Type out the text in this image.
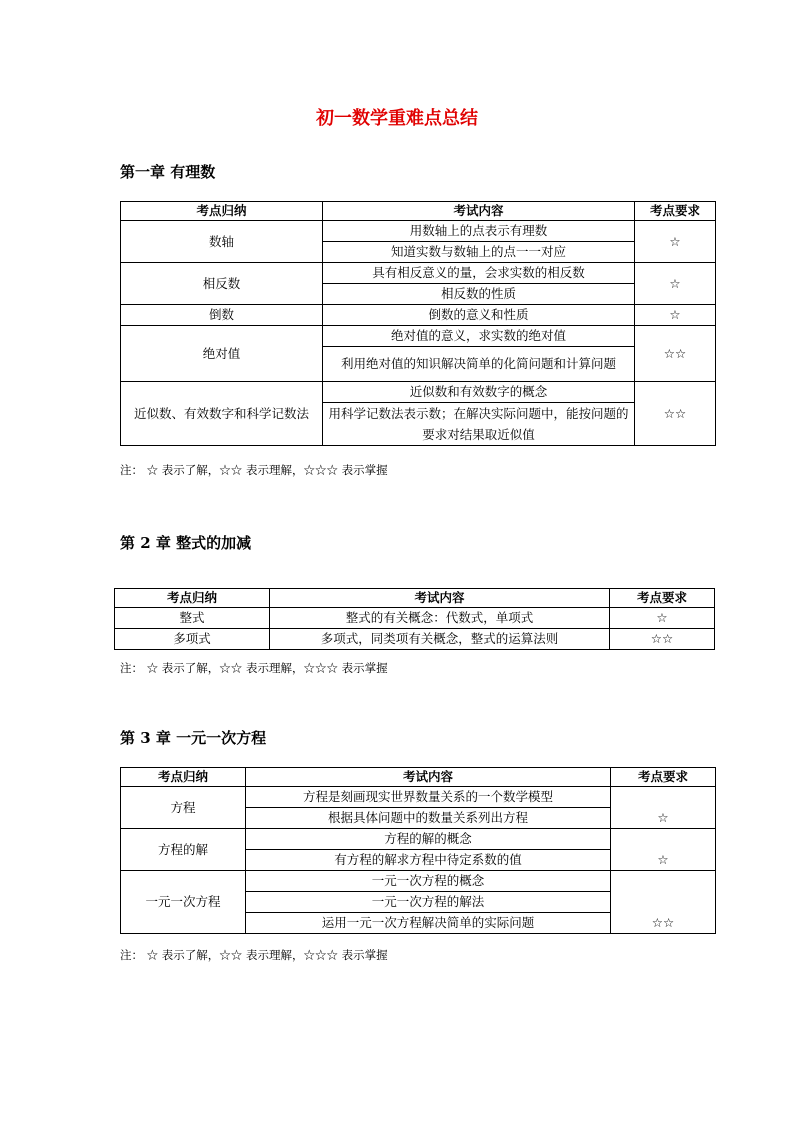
初一数学重难点总结
第一章 有理数
考点归纳	考试内容	考点要求
数轴	用数轴上的点表示有理数	☆
	知道实数与数轴上的点一一对应	
相反数	具有相反意义的量，会求实数的相反数	☆
	相反数的性质	
倒数	倒数的意义和性质	☆
绝对值	绝对值的意义，求实数的绝对值	☆☆
	利用绝对值的知识解决简单的化简问题和计算问题	
近似数、有效数字和科学记数法	近似数和有效数字的概念	☆☆
	用科学记数法表示数；在解决实际问题中，能按问题的要求对结果取近似值	
注： ☆ 表示了解，☆☆ 表示理解，☆☆☆ 表示掌握
第 2 章 整式的加减
考点归纳	考试内容	考点要求
整式	整式的有关概念：代数式，单项式	☆
多项式	多项式，同类项有关概念，整式的运算法则	☆☆
注： ☆ 表示了解，☆☆ 表示理解，☆☆☆ 表示掌握
第 3 章 一元一次方程
考点归纳	考试内容	考点要求
方程	方程是刻画现实世界数量关系的一个数学模型	☆
	根据具体问题中的数量关系列出方程	
方程的解	方程的解的概念	☆
	有方程的解求方程中待定系数的值	
一元一次方程	一元一次方程的概念	☆☆
	一元一次方程的解法	
	运用一元一次方程解决简单的实际问题	
注： ☆ 表示了解，☆☆ 表示理解，☆☆☆ 表示掌握
